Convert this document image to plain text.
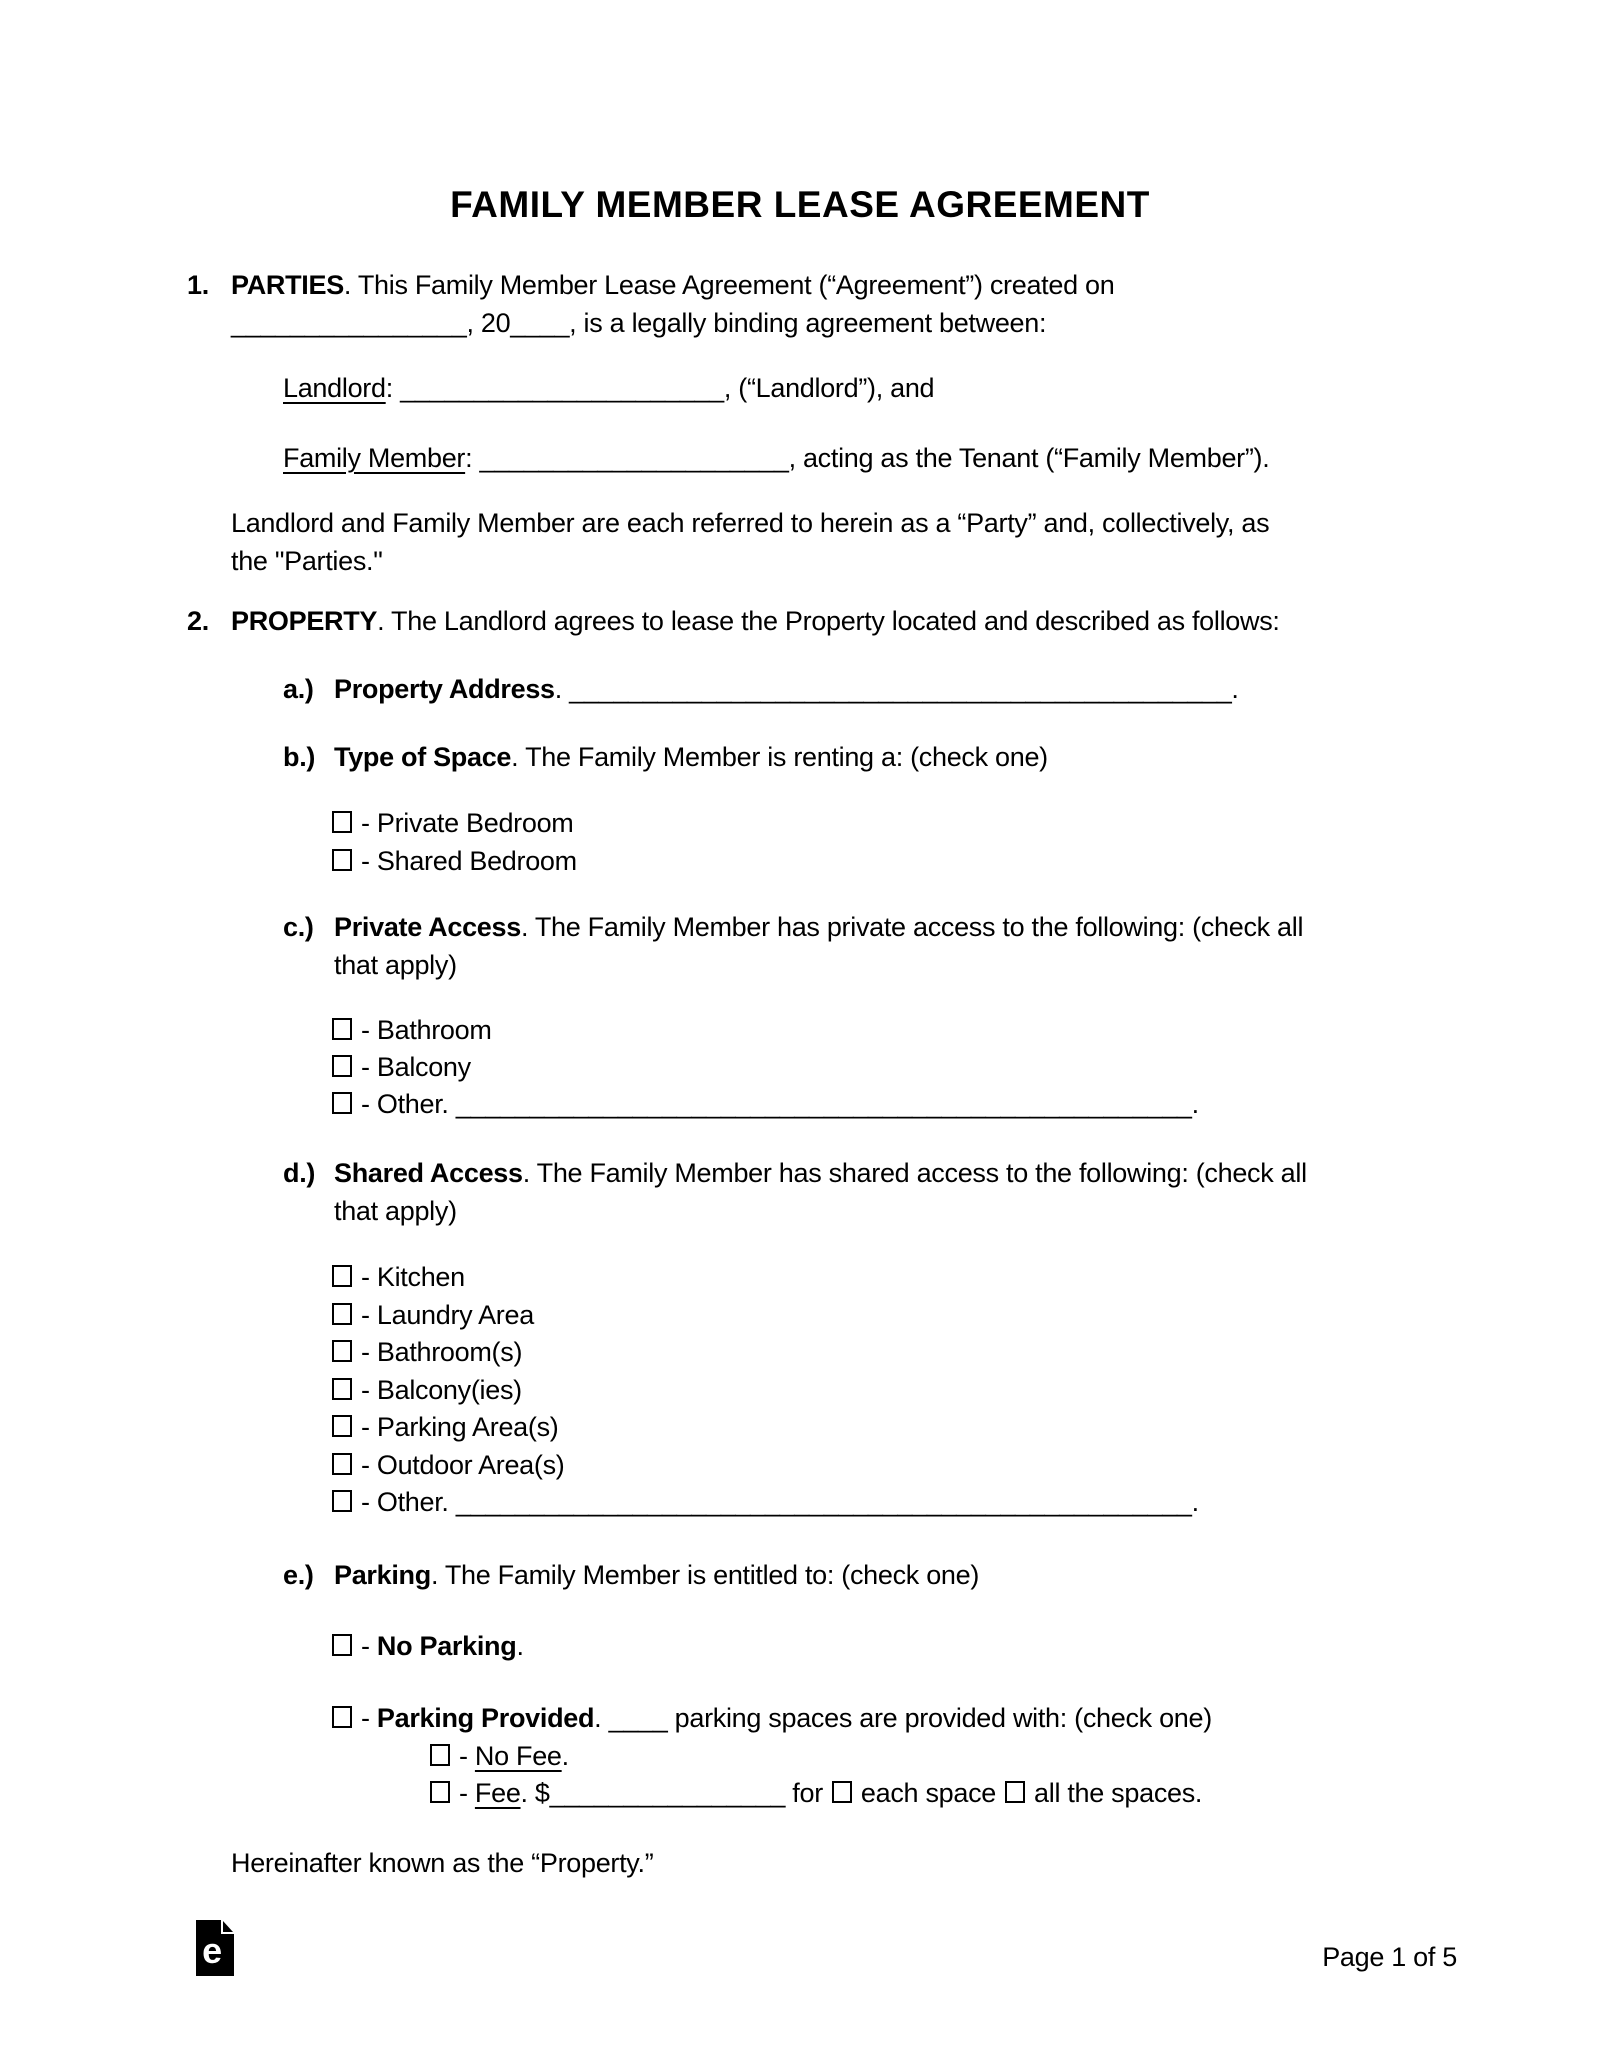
FAMILY MEMBER LEASE AGREEMENT
1. PARTIES. This Family Member Lease Agreement (“Agreement”) created on
________________, 20____, is a legally binding agreement between:
Landlord: ______________________, (“Landlord”), and
Family Member: _____________________, acting as the Tenant (“Family Member”).
Landlord and Family Member are each referred to herein as a “Party” and, collectively, as
the "Parties."
2. PROPERTY. The Landlord agrees to lease the Property located and described as follows:
a.) Property Address. _____________________________________________.
b.) Type of Space. The Family Member is renting a: (check one)
- Private Bedroom
- Shared Bedroom
c.) Private Access. The Family Member has private access to the following: (check all
that apply)
- Bathroom
- Balcony
- Other. __________________________________________________.
d.) Shared Access. The Family Member has shared access to the following: (check all
that apply)
- Kitchen
- Laundry Area
- Bathroom(s)
- Balcony(ies)
- Parking Area(s)
- Outdoor Area(s)
- Other. __________________________________________________.
e.) Parking. The Family Member is entitled to: (check one)
- No Parking.
- Parking Provided. ____ parking spaces are provided with: (check one)
- No Fee.
- Fee. $________________ for each space all the spaces.
Hereinafter known as the “Property.”
e	Page 1 of 5
